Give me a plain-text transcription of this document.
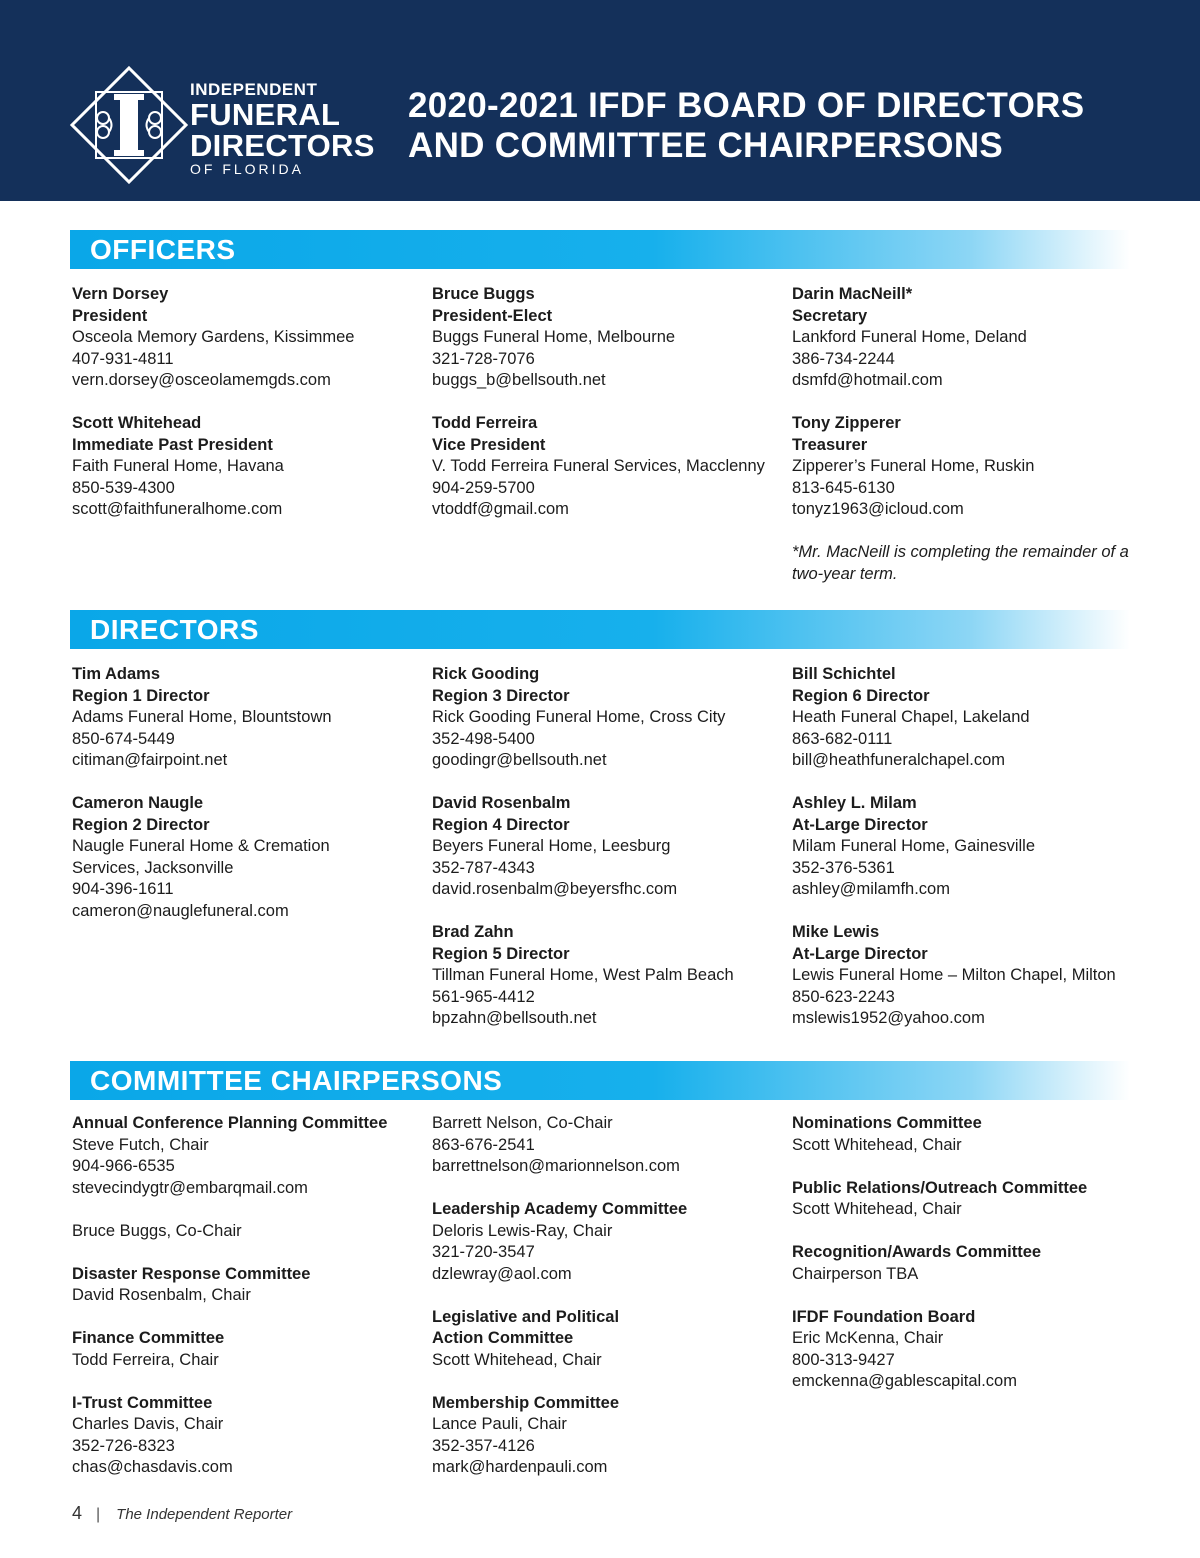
INDEPENDENT
FUNERAL
DIRECTORS
OF FLORIDA
2020-2021 IFDF BOARD OF DIRECTORS
AND COMMITTEE CHAIRPERSONS
OFFICERS
Vern Dorsey
President
Osceola Memory Gardens, Kissimmee
407-931-4811
vern.dorsey@osceolamemgds.com
Scott Whitehead
Immediate Past President
Faith Funeral Home, Havana
850-539-4300
scott@faithfuneralhome.com
Bruce Buggs
President-Elect
Buggs Funeral Home, Melbourne
321-728-7076
buggs_b@bellsouth.net
Todd Ferreira
Vice President
V. Todd Ferreira Funeral Services, Macclenny
904-259-5700
vtoddf@gmail.com
Darin MacNeill*
Secretary
Lankford Funeral Home, Deland
386-734-2244
dsmfd@hotmail.com
Tony Zipperer
Treasurer
Zipperer’s Funeral Home, Ruskin
813-645-6130
tonyz1963@icloud.com
*Mr. MacNeill is completing the remainder of a
two-year term.
DIRECTORS
Tim Adams
Region 1 Director
Adams Funeral Home, Blountstown
850-674-5449
citiman@fairpoint.net
Cameron Naugle
Region 2 Director
Naugle Funeral Home & Cremation
Services, Jacksonville
904-396-1611
cameron@nauglefuneral.com
Rick Gooding
Region 3 Director
Rick Gooding Funeral Home, Cross City
352-498-5400
goodingr@bellsouth.net
David Rosenbalm
Region 4 Director
Beyers Funeral Home, Leesburg
352-787-4343
david.rosenbalm@beyersfhc.com
Brad Zahn
Region 5 Director
Tillman Funeral Home, West Palm Beach
561-965-4412
bpzahn@bellsouth.net
Bill Schichtel
Region 6 Director
Heath Funeral Chapel, Lakeland
863-682-0111
bill@heathfuneralchapel.com
Ashley L. Milam
At-Large Director
Milam Funeral Home, Gainesville
352-376-5361
ashley@milamfh.com
Mike Lewis
At-Large Director
Lewis Funeral Home – Milton Chapel, Milton
850-623-2243
mslewis1952@yahoo.com
COMMITTEE CHAIRPERSONS
Annual Conference Planning Committee
Steve Futch, Chair
904-966-6535
stevecindygtr@embarqmail.com
Bruce Buggs, Co-Chair
Disaster Response Committee
David Rosenbalm, Chair
Finance Committee
Todd Ferreira, Chair
I-Trust Committee
Charles Davis, Chair
352-726-8323
chas@chasdavis.com
Barrett Nelson, Co-Chair
863-676-2541
barrettnelson@marionnelson.com
Leadership Academy Committee
Deloris Lewis-Ray, Chair
321-720-3547
dzlewray@aol.com
Legislative and Political
Action Committee
Scott Whitehead, Chair
Membership Committee
Lance Pauli, Chair
352-357-4126
mark@hardenpauli.com
Nominations Committee
Scott Whitehead, Chair
Public Relations/Outreach Committee
Scott Whitehead, Chair
Recognition/Awards Committee
Chairperson TBA
IFDF Foundation Board
Eric McKenna, Chair
800-313-9427
emckenna@gablescapital.com
4 | The Independent Reporter
